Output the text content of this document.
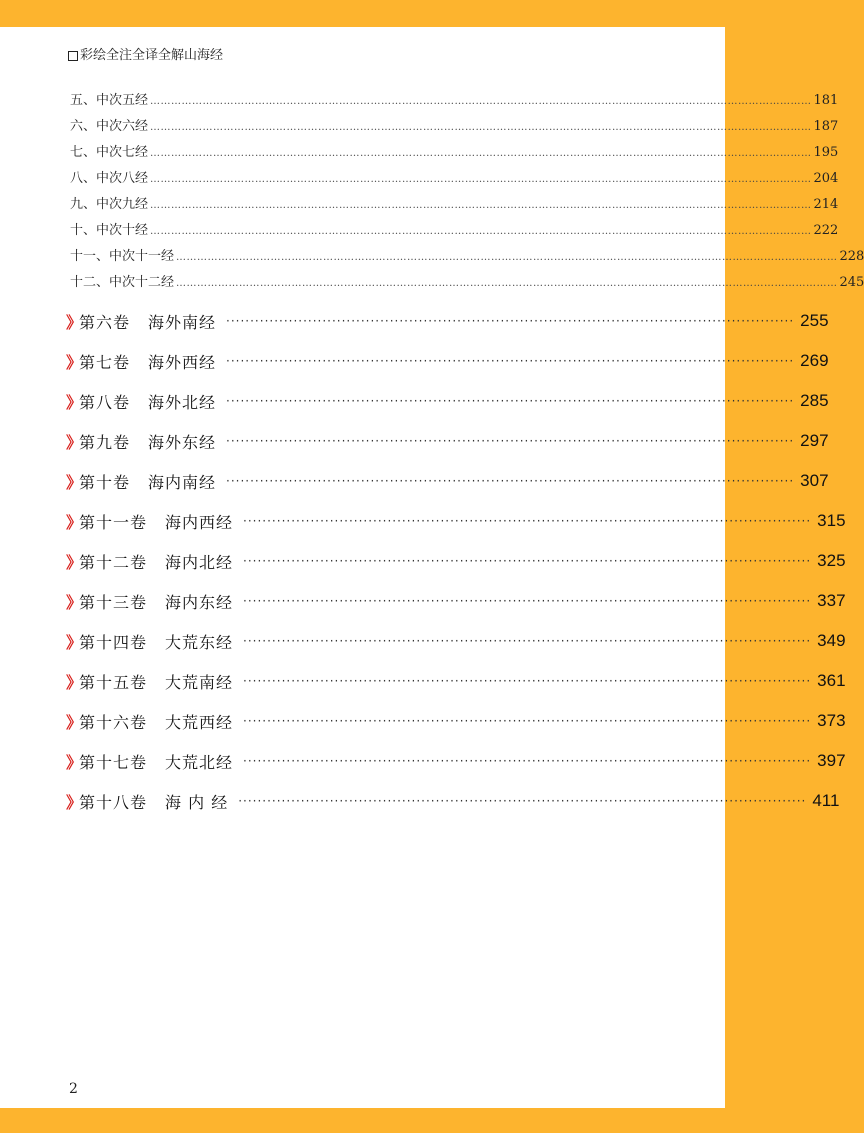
彩绘全注全译全解山海经
五、中次五经 ……………………………………………………………………………………………………………………………………………………………………… 181
六、中次六经 ……………………………………………………………………………………………………………………………………………………………………… 187
七、中次七经 ……………………………………………………………………………………………………………………………………………………………………… 195
八、中次八经 ……………………………………………………………………………………………………………………………………………………………………… 204
九、中次九经 ……………………………………………………………………………………………………………………………………………………………………… 214
十、中次十经 ……………………………………………………………………………………………………………………………………………………………………… 222
十一、中次十一经 ……………………………………………………………………………………………………………………………………………………………………… 228
十二、中次十二经 ……………………………………………………………………………………………………………………………………………………………………… 245
》 第六卷 海外南经 ······················································································································ 255
》 第七卷 海外西经 ······················································································································ 269
》 第八卷 海外北经 ······················································································································ 285
》 第九卷 海外东经 ······················································································································ 297
》 第十卷 海内南经 ······················································································································ 307
》 第十一卷 海内西经 ······················································································································ 315
》 第十二卷 海内北经 ······················································································································ 325
》 第十三卷 海内东经 ······················································································································ 337
》 第十四卷 大荒东经 ······················································································································ 349
》 第十五卷 大荒南经 ······················································································································ 361
》 第十六卷 大荒西经 ······················································································································ 373
》 第十七卷 大荒北经 ······················································································································ 397
》 第十八卷 海 内 经 ······················································································································ 411
2
